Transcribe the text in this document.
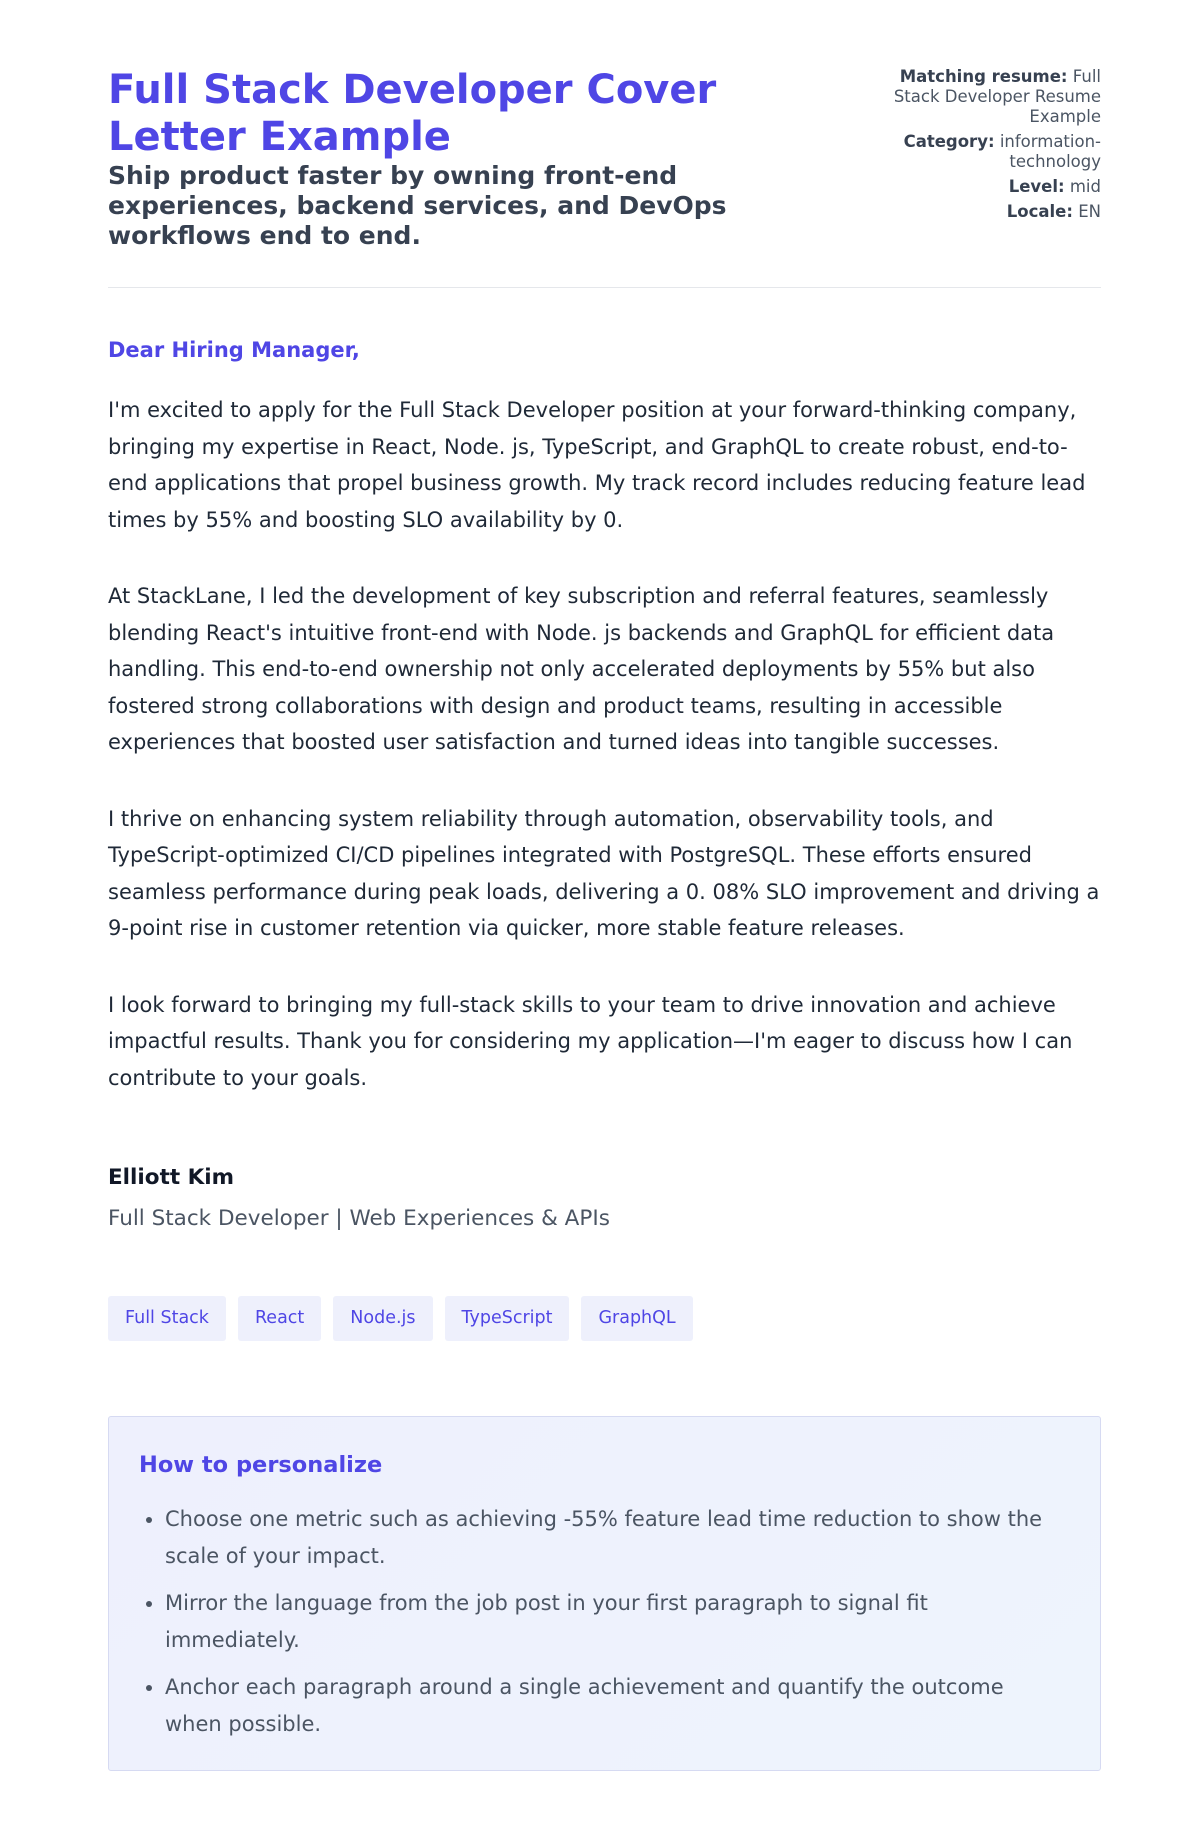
Full Stack Developer Cover Letter Example
Ship product faster by owning front-end experiences, backend services, and DevOps workflows end to end.
Matching resume: Full Stack Developer Resume Example
Category: information-technology
Level: mid
Locale: EN

Dear Hiring Manager,

I'm excited to apply for the Full Stack Developer position at your forward-thinking company, bringing my expertise in React, Node. js, TypeScript, and GraphQL to create robust, end-to-end applications that propel business growth. My track record includes reducing feature lead times by 55% and boosting SLO availability by 0.

At StackLane, I led the development of key subscription and referral features, seamlessly blending React's intuitive front-end with Node. js backends and GraphQL for efficient data handling. This end-to-end ownership not only accelerated deployments by 55% but also fostered strong collaborations with design and product teams, resulting in accessible experiences that boosted user satisfaction and turned ideas into tangible successes.

I thrive on enhancing system reliability through automation, observability tools, and TypeScript-optimized CI/CD pipelines integrated with PostgreSQL. These efforts ensured seamless performance during peak loads, delivering a 0. 08% SLO improvement and driving a 9-point rise in customer retention via quicker, more stable feature releases.

I look forward to bringing my full-stack skills to your team to drive innovation and achieve impactful results. Thank you for considering my application—I'm eager to discuss how I can contribute to your goals.

Elliott Kim

Full Stack Developer | Web Experiences & APIs

Full Stack	React	Node.js	TypeScript	GraphQL
How to personalize
• Choose one metric such as achieving -55% feature lead time reduction to show the scale of your impact.
• Mirror the language from the job post in your first paragraph to signal fit immediately.
• Anchor each paragraph around a single achievement and quantify the outcome when possible.
